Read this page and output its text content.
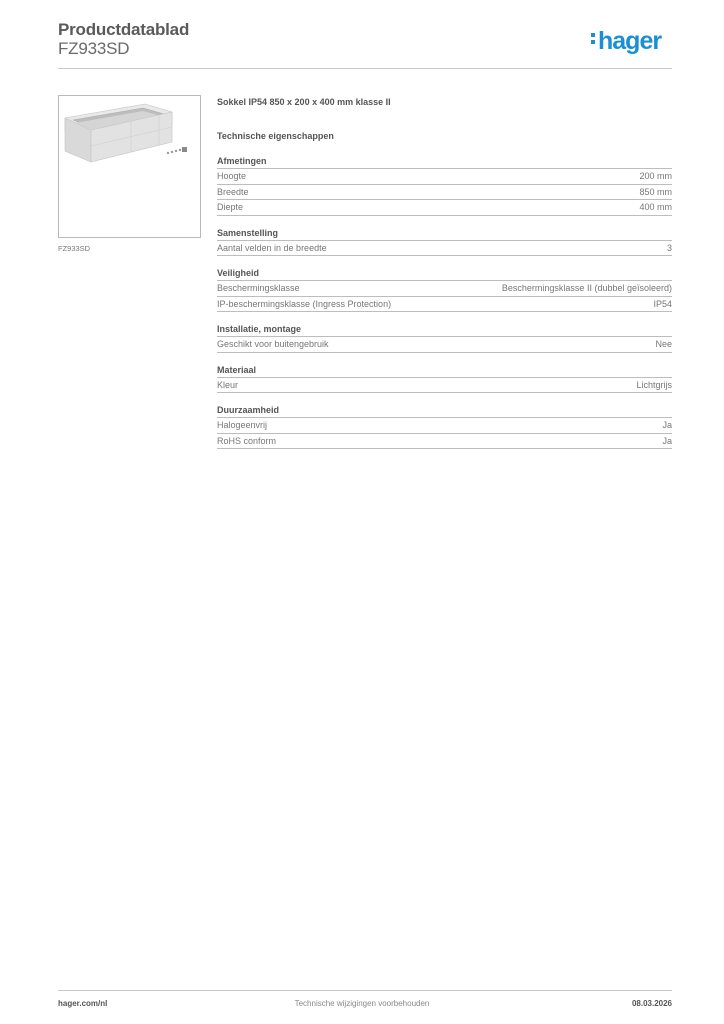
Productdatablad
FZ933SD	hager
FZ933SD
Sokkel IP54 850 x 200 x 400 mm klasse II
Technische eigenschappen
Afmetingen
Hoogte	200 mm
Breedte	850 mm
Diepte	400 mm
Samenstelling
Aantal velden in de breedte	3
Veiligheid
Beschermingsklasse	Beschermingsklasse II (dubbel geïsoleerd)
IP-beschermingsklasse (Ingress Protection)	IP54
Installatie, montage
Geschikt voor buitengebruik	Nee
Materiaal
Kleur	Lichtgrijs
Duurzaamheid
Halogeenvrij	Ja
RoHS conform	Ja
hager.com/nl	Technische wijzigingen voorbehouden	08.03.2026
